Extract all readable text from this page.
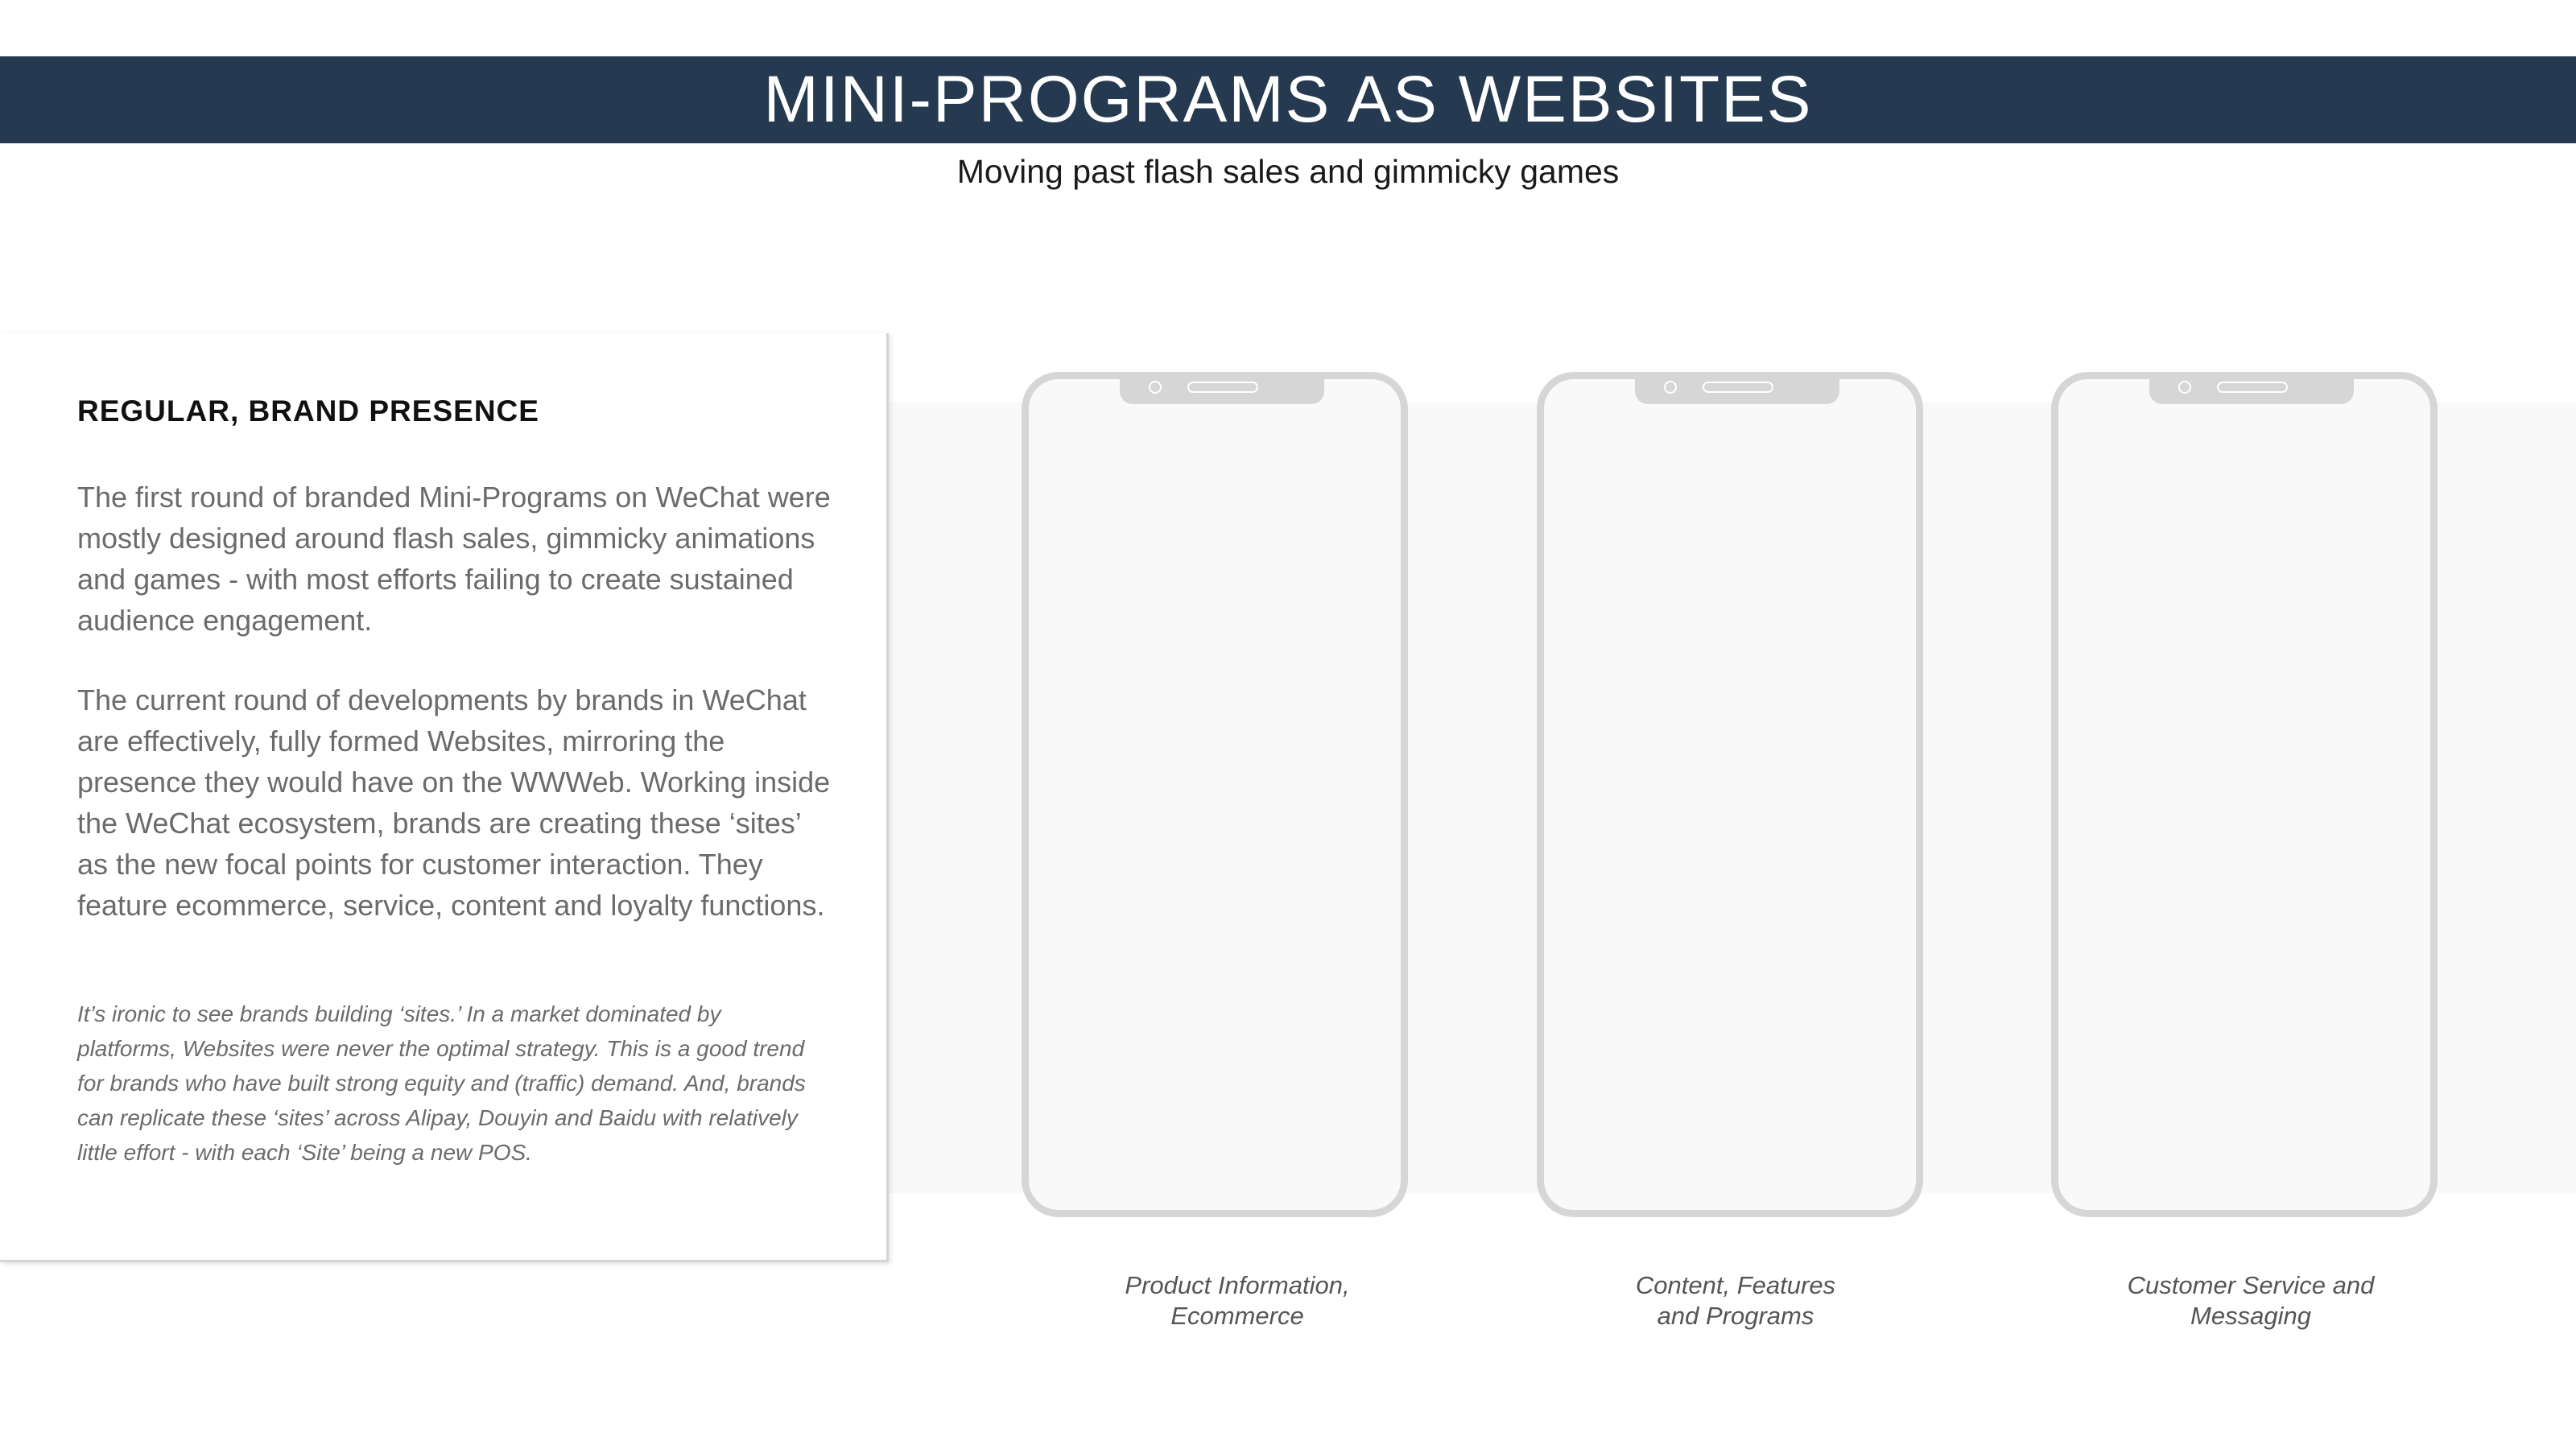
MINI-PROGRAMS AS WEBSITES
Moving past flash sales and gimmicky games
REGULAR, BRAND PRESENCE

The first round of branded Mini-Programs on WeChat were mostly designed around flash sales, gimmicky animations and games - with most efforts failing to create sustained audience engagement.

The current round of developments by brands in WeChat are effectively, fully formed Websites, mirroring the presence they would have on the WWWeb. Working inside the WeChat ecosystem, brands are creating these ‘sites’ as the new focal points for customer interaction. They feature ecommerce, service, content and loyalty functions.

It’s ironic to see brands building ‘sites.’ In a market dominated by platforms, Websites were never the optimal strategy. This is a good trend for brands who have built strong equity and (traffic) demand. And, brands can replicate these ‘sites’ across Alipay, Douyin and Baidu with relatively little effort - with each ‘Site’ being a new POS.

Product Information,
Ecommerce
Content, Features
and Programs
Customer Service and
Messaging
